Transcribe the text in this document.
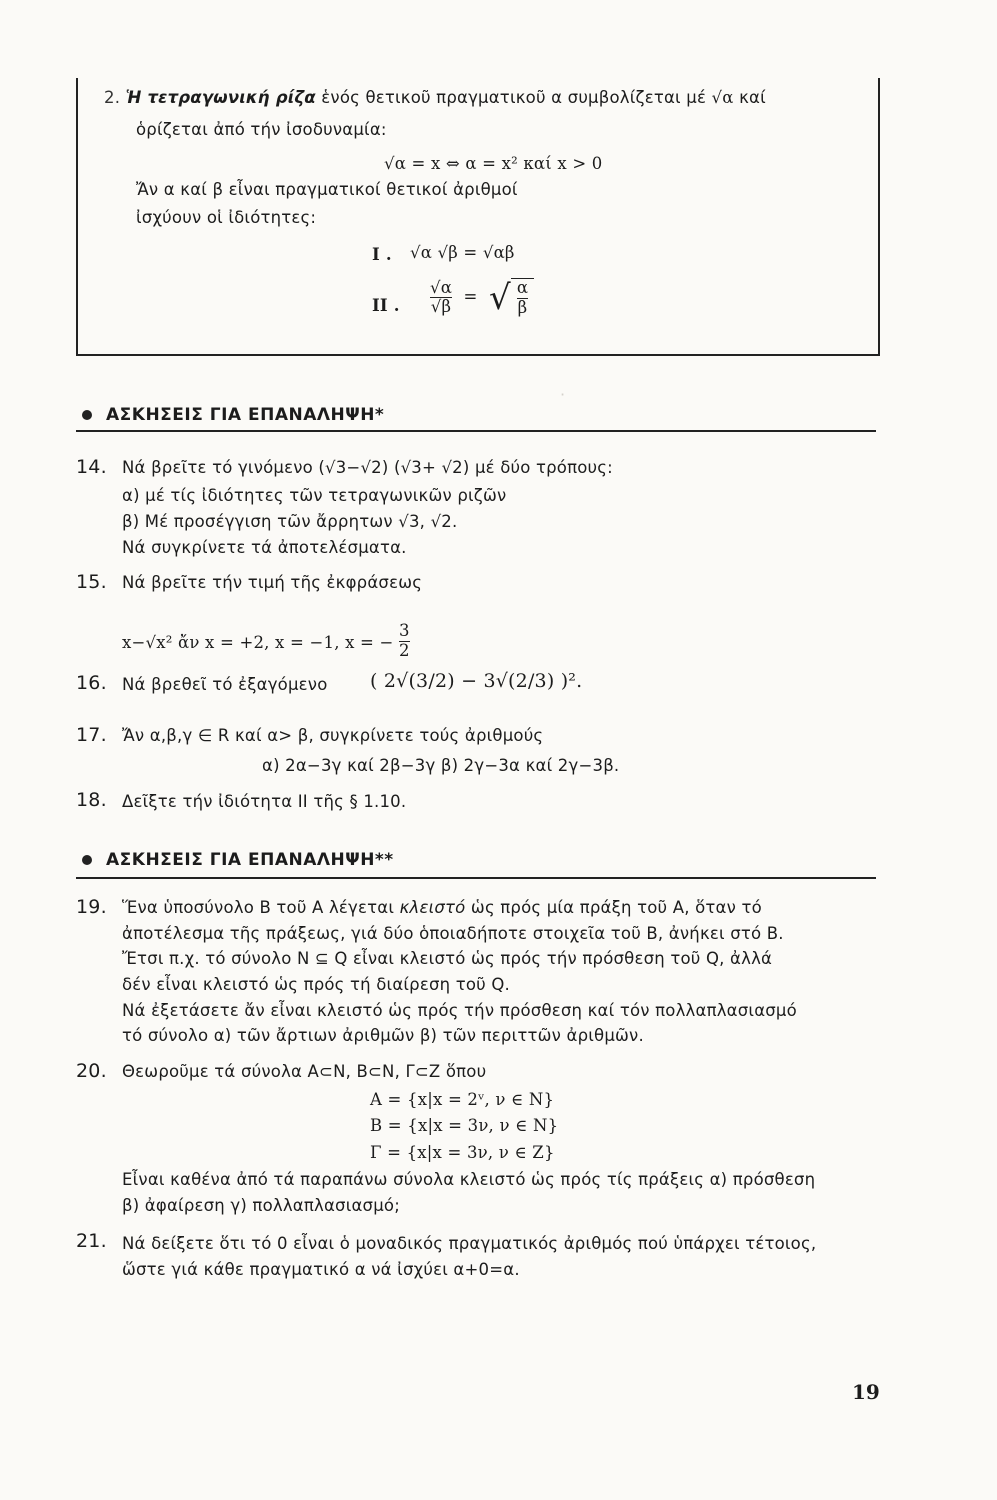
·
2. Ἡ τετραγωνική ρίζα ἑνός θετικοῦ πραγματικοῦ α συμβολίζεται μέ √α καί
ὁρίζεται ἀπό τήν ἰσοδυναμία:
√α = x ⇔ α = x² καί x > 0
Ἄν α καί β εἶναι πραγματικοί θετικοί ἀριθμοί
ἰσχύουν οἱ ἰδιότητες:
I . √α √β = √αβ
II . $\frac{√\alpha}{√\beta}$ = √ $\frac{\alpha}{\beta}$
ΑΣΚΗΣΕΙΣ ΓΙΑ ΕΠΑΝΑΛΗΨΗ*
14. Νά βρεῖτε τό γινόμενο (√3−√2) (√3+ √2) μέ δύο τρόπους:
α) μέ τίς ἰδιότητες τῶν τετραγωνικῶν ριζῶν
β) Μέ προσέγγιση τῶν ἄρρητων √3, √2.
Νά συγκρίνετε τά ἀποτελέσματα.
15. Νά βρεῖτε τήν τιμή τῆς ἐκφράσεως
x−√x² ἄν x = +2, x = −1, x = − $\frac{3}{2}$
16. Νά βρεθεῖ τό ἐξαγόμενο ( 2√(3/2) − 3√(2/3) )².
17. Ἄν α,β,γ ∈ R καί α> β, συγκρίνετε τούς ἀριθμούς
α) 2α−3γ καί 2β−3γ β) 2γ−3α καί 2γ−3β.
18. Δεῖξτε τήν ἰδιότητα II τῆς § 1.10.
ΑΣΚΗΣΕΙΣ ΓΙΑ ΕΠΑΝΑΛΗΨΗ**
19. Ἕνα ὑποσύνολο Β τοῦ Α λέγεται κλειστό ὡς πρός μία πράξη τοῦ Α, ὅταν τό
ἀποτέλεσμα τῆς πράξεως, γιά δύο ὁποιαδήποτε στοιχεῖα τοῦ Β, ἀνήκει στό Β.
Ἔτσι π.χ. τό σύνολο N ⊆ Q εἶναι κλειστό ὡς πρός τήν πρόσθεση τοῦ Q, ἀλλά
δέν εἶναι κλειστό ὡς πρός τή διαίρεση τοῦ Q.
Νά ἐξετάσετε ἄν εἶναι κλειστό ὡς πρός τήν πρόσθεση καί τόν πολλαπλασιασμό
τό σύνολο α) τῶν ἄρτιων ἀριθμῶν β) τῶν περιττῶν ἀριθμῶν.
20. Θεωροῦμε τά σύνολα A⊂N, B⊂N, Γ⊂Z ὅπου
A = {x|x = 2ᵛ, ν ∈ N}
B = {x|x = 3ν, ν ∈ N}
Γ = {x|x = 3ν, ν ∈ Z}
Εἶναι καθένα ἀπό τά παραπάνω σύνολα κλειστό ὡς πρός τίς πράξεις α) πρόσθεση
β) ἀφαίρεση γ) πολλαπλασιασμό;
21. Νά δείξετε ὅτι τό 0 εἶναι ὁ μοναδικός πραγματικός ἀριθμός πού ὑπάρχει τέτοιος,
ὥστε γιά κάθε πραγματικό α νά ἰσχύει α+0=α.
19
